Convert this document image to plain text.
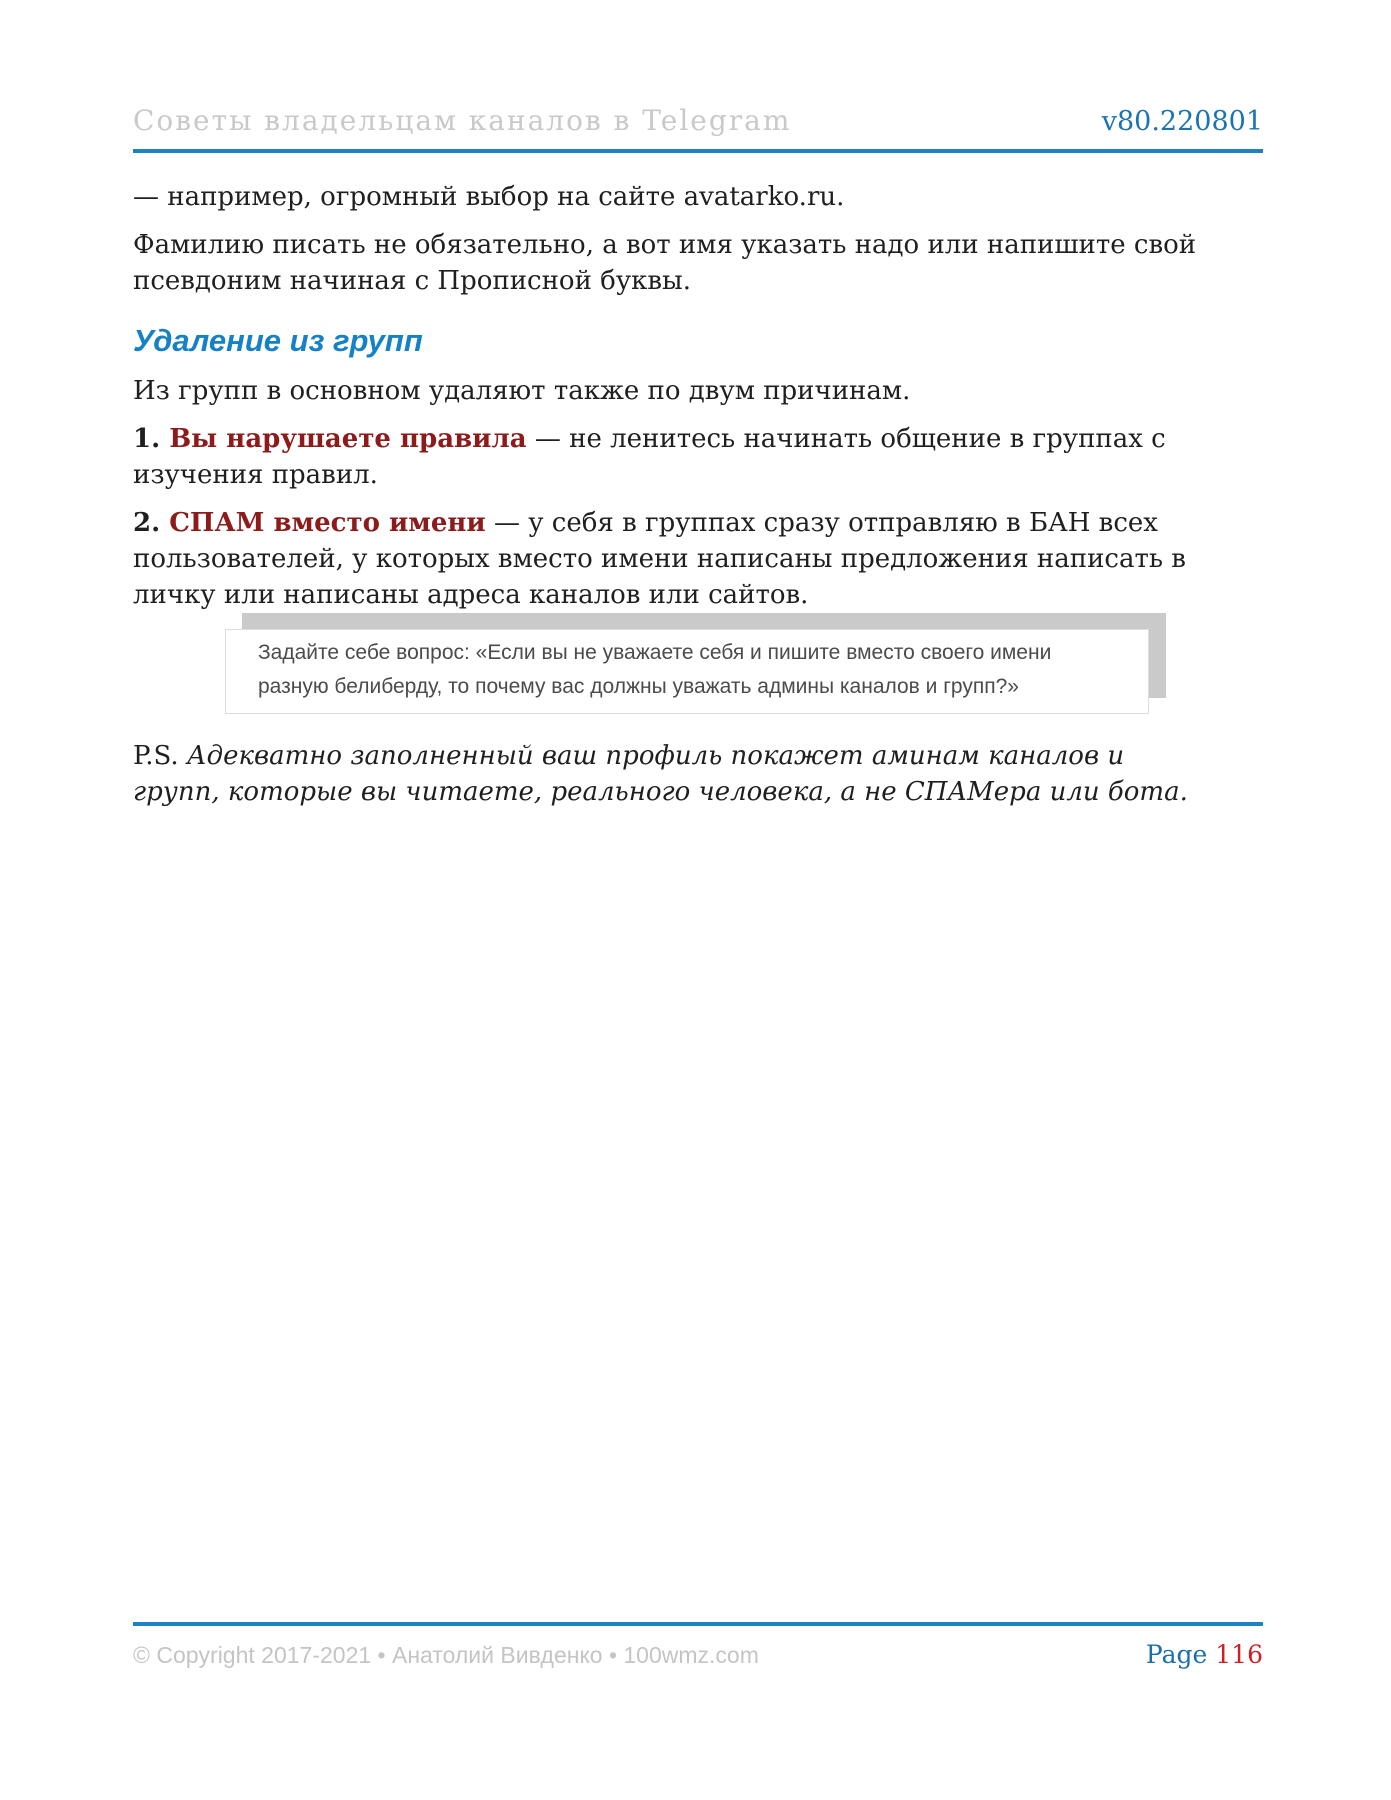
Советы владельцам каналов в Telegram	v80.220801

— например, огромный выбор на сайте avatarko.ru.

Фамилию писать не обязательно, а вот имя указать надо или напишите свой псевдоним начиная с Прописной буквы.

Удаление из групп

Из групп в основном удаляют также по двум причинам.

1. Вы нарушаете правила — не ленитесь начинать общение в группах с изучения правил.

2. СПАМ вместо имени — у себя в группах сразу отправляю в БАН всех пользователей, у которых вместо имени написаны предложения написать в личку или написаны адреса каналов или сайтов.

Задайте себе вопрос: «Если вы не уважаете себя и пишите вместо своего имени разную белиберду, то почему вас должны уважать админы каналов и групп?»

P.S. Адекватно заполненный ваш профиль покажет аминам каналов и групп, которые вы читаете, реального человека, а не СПАМера или бота.

© Copyright 2017-2021 • Анатолий Вивденко • 100wmz.com	Page 116
